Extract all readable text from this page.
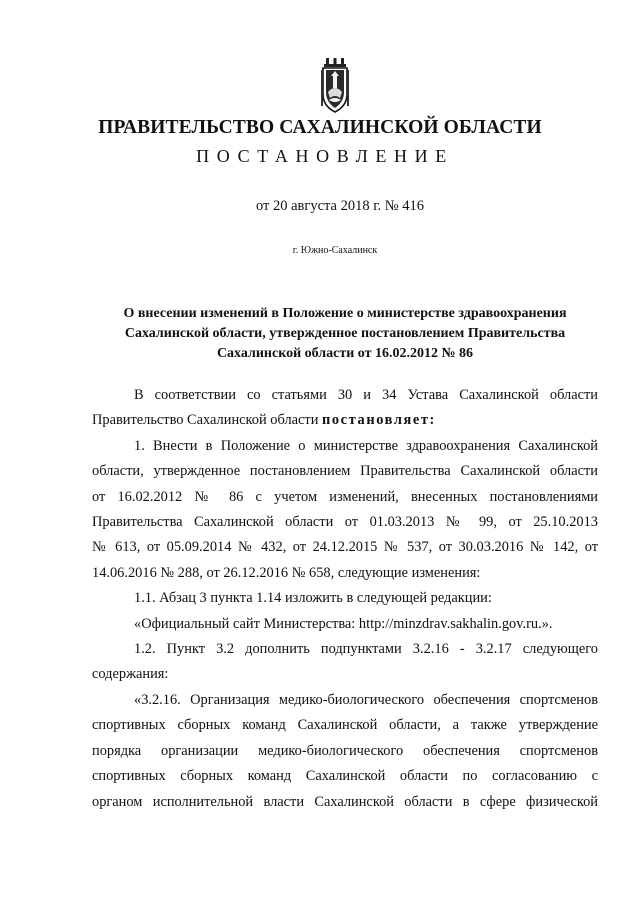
ПРАВИТЕЛЬСТВО САХАЛИНСКОЙ ОБЛАСТИ
ПОСТАНОВЛЕНИЕ
от 20 августа 2018 г. № 416
г. Южно-Сахалинск
О внесении изменений в Положение о министерстве здравоохранения
Сахалинской области, утвержденное постановлением Правительства
Сахалинской области от 16.02.2012 № 86
В соответствии со статьями 30 и 34 Устава Сахалинской области
Правительство Сахалинской области постановляет:
1. Внести в Положение о министерстве здравоохранения Сахалинской
области, утвержденное постановлением Правительства Сахалинской области
от 16.02.2012 № 86 с учетом изменений, внесенных постановлениями
Правительства Сахалинской области от 01.03.2013 № 99, от 25.10.2013
№ 613, от 05.09.2014 № 432, от 24.12.2015 № 537, от 30.03.2016 № 142, от
14.06.2016 № 288, от 26.12.2016 № 658, следующие изменения:
1.1. Абзац 3 пункта 1.14 изложить в следующей редакции:
«Официальный сайт Министерства: http://minzdrav.sakhalin.gov.ru.».
1.2. Пункт 3.2 дополнить подпунктами 3.2.16 - 3.2.17 следующего
содержания:
«3.2.16. Организация медико-биологического обеспечения спортсменов
спортивных сборных команд Сахалинской области, а также утверждение
порядка организации медико-биологического обеспечения спортсменов
спортивных сборных команд Сахалинской области по согласованию с
органом исполнительной власти Сахалинской области в сфере физической
